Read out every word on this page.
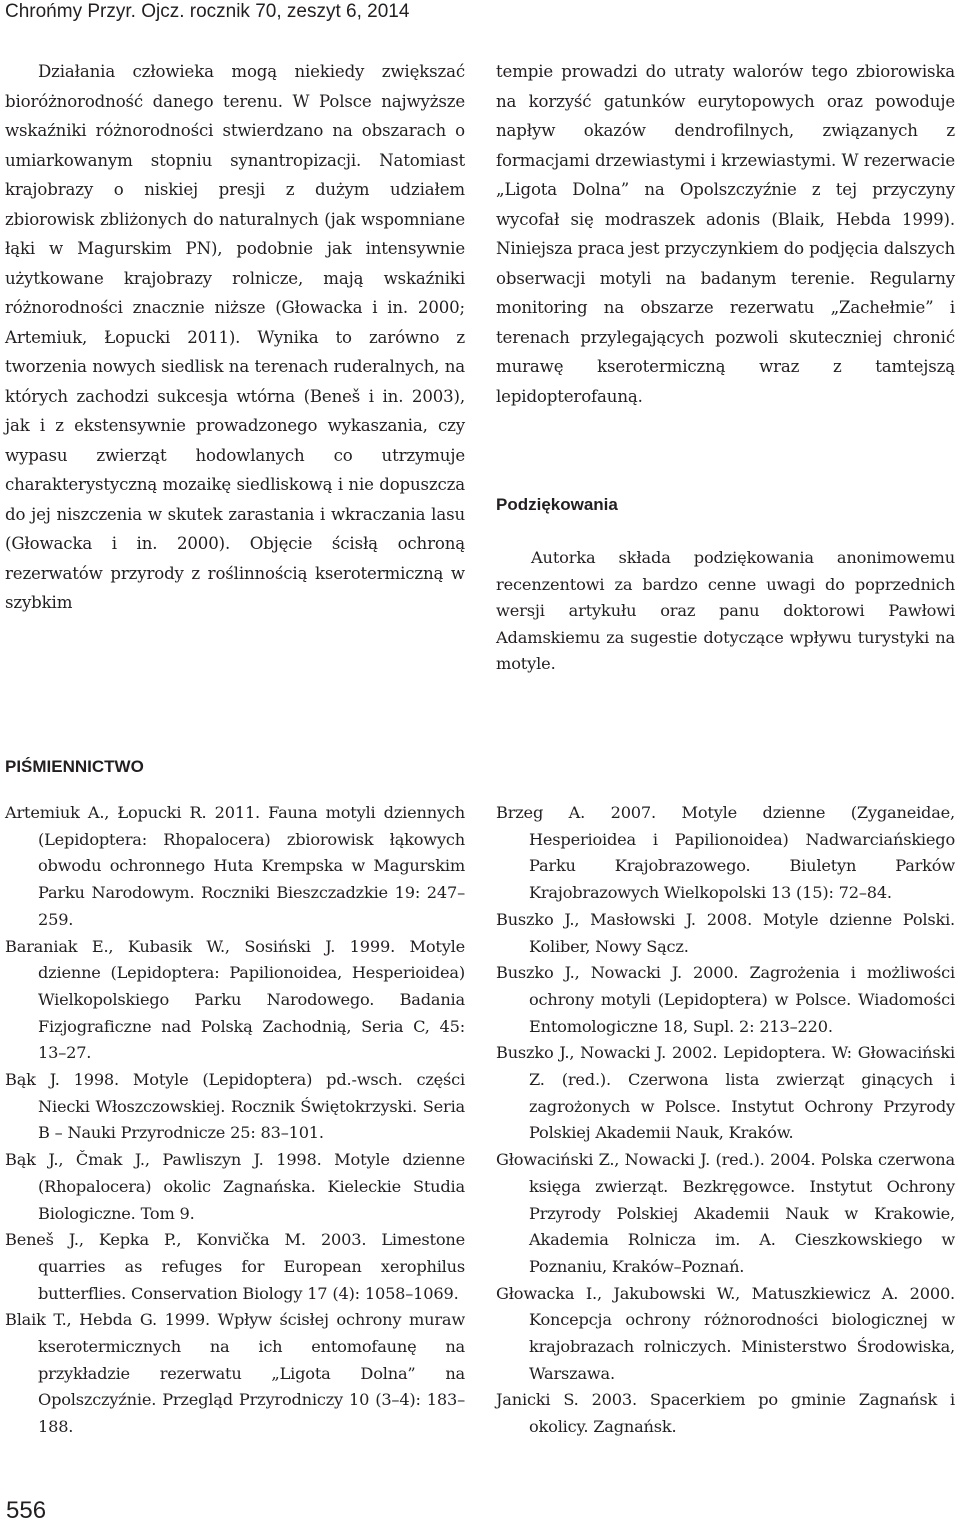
Chrońmy Przyr. Ojcz. rocznik 70, zeszyt 6, 2014

Działania człowieka mogą niekiedy zwiększać bioróżnorodność danego terenu. W Polsce najwyższe wskaźniki różnorodności stwierdzano na obszarach o umiarkowanym stopniu synantropizacji. Natomiast krajobrazy o niskiej presji z dużym udziałem zbiorowisk zbliżonych do naturalnych (jak wspomniane łąki w Magurskim PN), podobnie jak intensywnie użytkowane krajobrazy rolnicze, mają wskaźniki różnorodności znacznie niższe (Głowacka i in. 2000; Artemiuk, Łopucki 2011). Wynika to zarówno z tworzenia nowych siedlisk na terenach ruderalnych, na których zachodzi sukcesja wtórna (Beneš i in. 2003), jak i z ekstensywnie prowadzonego wykaszania, czy wypasu zwierząt hodowlanych co utrzymuje charakterystyczną mozaikę siedliskową i nie dopuszcza do jej niszczenia w skutek zarastania i wkraczania lasu (Głowacka i in. 2000). Objęcie ścisłą ochroną rezerwatów przyrody z roślinnością kserotermiczną w szybkim

tempie prowadzi do utraty walorów tego zbiorowiska na korzyść gatunków eurytopowych oraz powoduje napływ okazów dendrofilnych, związanych z formacjami drzewiastymi i krzewiastymi. W rezerwacie „Ligota Dolna” na Opolszczyźnie z tej przyczyny wycofał się modraszek adonis (Blaik, Hebda 1999). Niniejsza praca jest przyczynkiem do podjęcia dalszych obserwacji motyli na badanym terenie. Regularny monitoring na obszarze rezerwatu „Zachełmie” i terenach przylegających pozwoli skuteczniej chronić murawę kserotermiczną wraz z tamtejszą lepidopterofauną.

Podziękowania

Autorka składa podziękowania anonimowemu recenzentowi za bardzo cenne uwagi do poprzednich wersji artykułu oraz panu doktorowi Pawłowi Adamskiemu za sugestie dotyczące wpływu turystyki na motyle.

PIŚMIENNICTWO

Artemiuk A., Łopucki R. 2011. Fauna motyli dziennych (Lepidoptera: Rhopalocera) zbiorowisk łąkowych obwodu ochronnego Huta Krempska w Magurskim Parku Narodowym. Roczniki Bieszczadzkie 19: 247–259.

Baraniak E., Kubasik W., Sosiński J. 1999. Motyle dzienne (Lepidoptera: Papilionoidea, Hesperioidea) Wielkopolskiego Parku Narodowego. Badania Fizjograficzne nad Polską Zachodnią, Seria C, 45: 13–27.

Bąk J. 1998. Motyle (Lepidoptera) pd.-wsch. części Niecki Włoszczowskiej. Rocznik Świętokrzyski. Seria B – Nauki Przyrodnicze 25: 83–101.

Bąk J., Čmak J., Pawliszyn J. 1998. Motyle dzienne (Rhopalocera) okolic Zagnańska. Kieleckie Studia Biologiczne. Tom 9.

Beneš J., Kepka P., Konvička M. 2003. Limestone quarries as refuges for European xerophilus butterflies. Conservation Biology 17 (4): 1058–1069.

Blaik T., Hebda G. 1999. Wpływ ścisłej ochrony muraw kserotermicznych na ich entomofaunę na przykładzie rezerwatu „Ligota Dolna” na Opolszczyźnie. Przegląd Przyrodniczy 10 (3–4): 183–188.

Brzeg A. 2007. Motyle dzienne (Zyganeidae, Hesperioidea i Papilionoidea) Nadwarciańskiego Parku Krajobrazowego. Biuletyn Parków Krajobrazowych Wielkopolski 13 (15): 72–84.

Buszko J., Masłowski J. 2008. Motyle dzienne Polski. Koliber, Nowy Sącz.

Buszko J., Nowacki J. 2000. Zagrożenia i możliwości ochrony motyli (Lepidoptera) w Polsce. Wiadomości Entomologiczne 18, Supl. 2: 213–220.

Buszko J., Nowacki J. 2002. Lepidoptera. W: Głowaciński Z. (red.). Czerwona lista zwierząt ginących i zagrożonych w Polsce. Instytut Ochrony Przyrody Polskiej Akademii Nauk, Kraków.

Głowaciński Z., Nowacki J. (red.). 2004. Polska czerwona księga zwierząt. Bezkręgowce. Instytut Ochrony Przyrody Polskiej Akademii Nauk w Krakowie, Akademia Rolnicza im. A. Cieszkowskiego w Poznaniu, Kraków–Poznań.

Głowacka I., Jakubowski W., Matuszkiewicz A. 2000. Koncepcja ochrony różnorodności biologicznej w krajobrazach rolniczych. Ministerstwo Środowiska, Warszawa.

Janicki S. 2003. Spacerkiem po gminie Zagnańsk i okolicy. Zagnańsk.

556
